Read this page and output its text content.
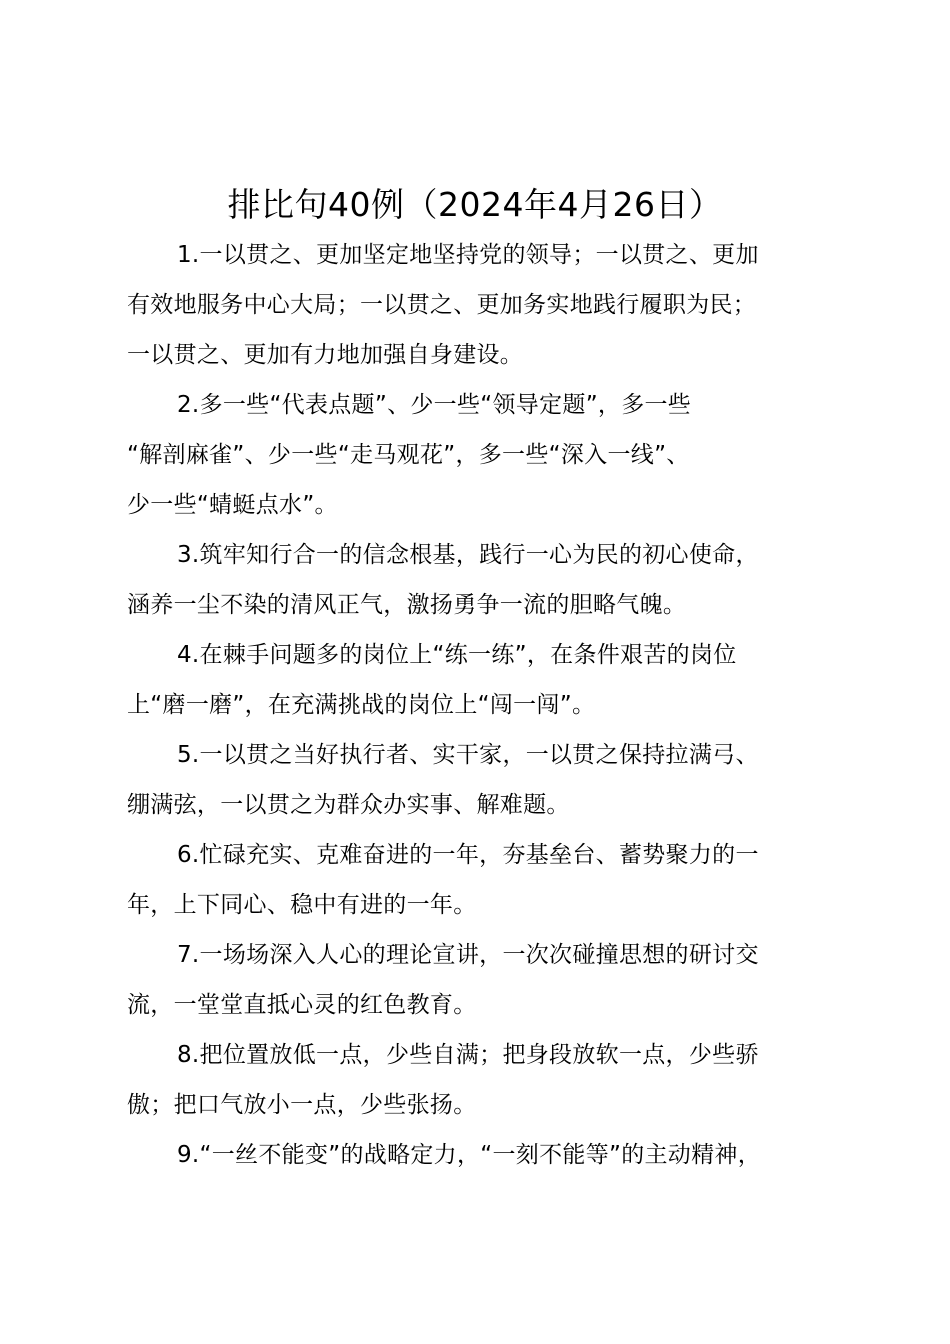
排比句40例（2024年4月26日）

1.一以贯之、更加坚定地坚持党的领导；一以贯之、更加
有效地服务中心大局；一以贯之、更加务实地践行履职为民；
一以贯之、更加有力地加强自身建设。

2.多一些“代表点题”、少一些“领导定题”，多一些
“解剖麻雀”、少一些“走马观花”，多一些“深入一线”、
少一些“蜻蜓点水”。

3.筑牢知行合一的信念根基，践行一心为民的初心使命，
涵养一尘不染的清风正气，激扬勇争一流的胆略气魄。

4.在棘手问题多的岗位上“练一练”，在条件艰苦的岗位
上“磨一磨”，在充满挑战的岗位上“闯一闯”。

5.一以贯之当好执行者、实干家，一以贯之保持拉满弓、
绷满弦，一以贯之为群众办实事、解难题。

6.忙碌充实、克难奋进的一年，夯基垒台、蓄势聚力的一
年，上下同心、稳中有进的一年。

7.一场场深入人心的理论宣讲，一次次碰撞思想的研讨交
流，一堂堂直抵心灵的红色教育。

8.把位置放低一点，少些自满；把身段放软一点，少些骄
傲；把口气放小一点，少些张扬。

9.“一丝不能变”的战略定力，“一刻不能等”的主动精神，
